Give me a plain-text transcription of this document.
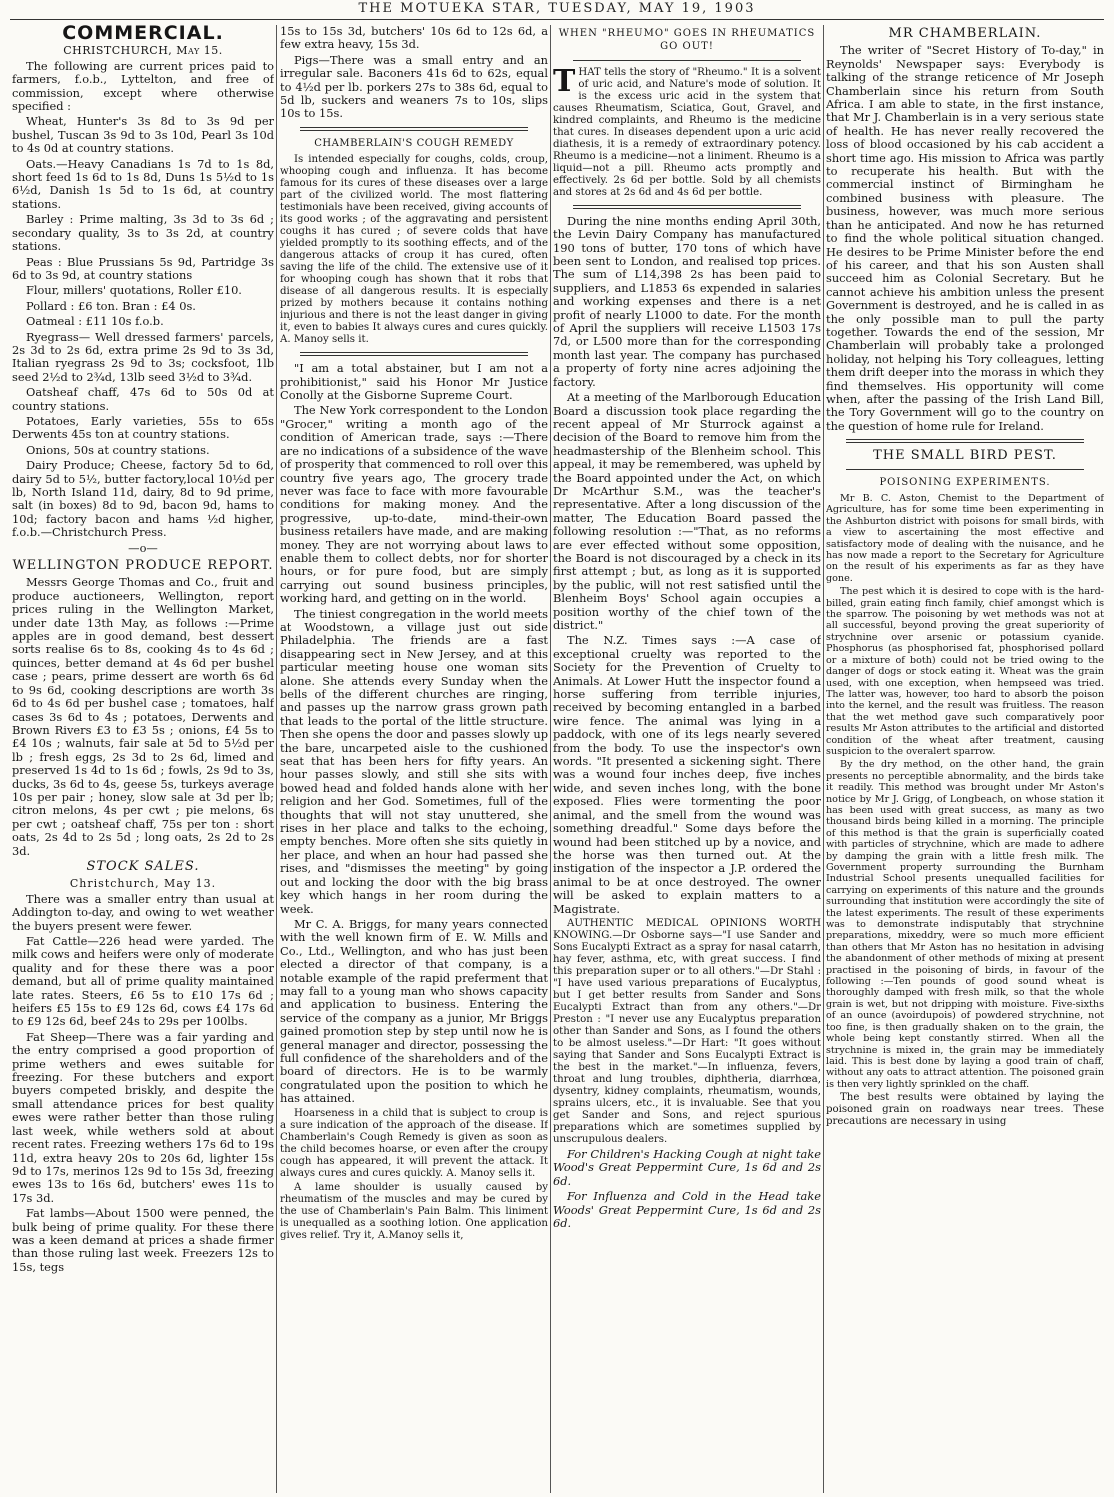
THE MOTUEKA STAR, TUESDAY, MAY 19, 1903
COMMERCIAL.
CHRISTCHURCH, May 15.

The following are current prices paid to farmers, f.o.b., Lyttelton, and free of commission, except where otherwise specified :

Wheat, Hunter's 3s 8d to 3s 9d per bushel, Tuscan 3s 9d to 3s 10d, Pearl 3s 10d to 4s 0d at country stations.

Oats.—Heavy Canadians 1s 7d to 1s 8d, short feed 1s 6d to 1s 8d, Duns 1s 5½d to 1s 6½d, Danish 1s 5d to 1s 6d, at country stations.

Barley : Prime malting, 3s 3d to 3s 6d ; secondary quality, 3s to 3s 2d, at country stations.

Peas : Blue Prussians 5s 9d, Partridge 3s 6d to 3s 9d, at country stations

Flour, millers' quotations, Roller £10.

Pollard : £6 ton. Bran : £4 0s.

Oatmeal : £11 10s f.o.b.

Ryegrass— Well dressed farmers' parcels, 2s 3d to 2s 6d, extra prime 2s 9d to 3s 3d, Italian ryegrass 2s 9d to 3s; cocksfoot, 1lb seed 2½d to 2¾d, 13lb seed 3½d to 3¾d.

Oatsheaf chaff, 47s 6d to 50s 0d at country stations.

Potatoes, Early varieties, 55s to 65s Derwents 45s ton at country stations.

Onions, 50s at country stations.

Dairy Produce; Cheese, factory 5d to 6d, dairy 5d to 5½, butter factory,local 10½d per lb, North Island 11d, dairy, 8d to 9d prime, salt (in boxes) 8d to 9d, bacon 9d, hams to 10d; factory bacon and hams ½d higher, f.o.b.—Christchurch Press.

—o—
WELLINGTON PRODUCE REPORT.

Messrs George Thomas and Co., fruit and produce auctioneers, Wellington, report prices ruling in the Wellington Market, under date 13th May, as follows :—Prime apples are in good demand, best dessert sorts realise 6s to 8s, cooking 4s to 4s 6d ; quinces, better demand at 4s 6d per bushel case ; pears, prime dessert are worth 6s 6d to 9s 6d, cooking descriptions are worth 3s 6d to 4s 6d per bushel case ; tomatoes, half cases 3s 6d to 4s ; potatoes, Derwents and Brown Rivers £3 to £3 5s ; onions, £4 5s to £4 10s ; walnuts, fair sale at 5d to 5½d per lb ; fresh eggs, 2s 3d to 2s 6d, limed and preserved 1s 4d to 1s 6d ; fowls, 2s 9d to 3s, ducks, 3s 6d to 4s, geese 5s, turkeys average 10s per pair ; honey, slow sale at 3d per lb; citron melons, 4s per cwt ; pie melons, 6s per cwt ; oatsheaf chaff, 75s per ton : short oats, 2s 4d to 2s 5d ; long oats, 2s 2d to 2s 3d.

STOCK SALES.
Christchurch, May 13.

There was a smaller entry than usual at Addington to-day, and owing to wet weather the buyers present were fewer.

Fat Cattle—226 head were yarded. The milk cows and heifers were only of moderate quality and for these there was a poor demand, but all of prime quality maintained late rates. Steers, £6 5s to £10 17s 6d ; heifers £5 15s to £9 12s 6d, cows £4 17s 6d to £9 12s 6d, beef 24s to 29s per 100lbs.

Fat Sheep—There was a fair yarding and the entry comprised a good proportion of prime wethers and ewes suitable for freezing. For these butchers and export buyers competed briskly, and despite the small attendance prices for best quality ewes were rather better than those ruling last week, while wethers sold at about recent rates. Freezing wethers 17s 6d to 19s 11d, extra heavy 20s to 20s 6d, lighter 15s 9d to 17s, merinos 12s 9d to 15s 3d, freezing ewes 13s to 16s 6d, butchers' ewes 11s to 17s 3d.

Fat lambs—About 1500 were penned, the bulk being of prime quality. For these there was a keen demand at prices a shade firmer than those ruling last week. Freezers 12s to 15s, tegs

15s to 15s 3d, butchers' 10s 6d to 12s 6d, a few extra heavy, 15s 3d.

Pigs—There was a small entry and an irregular sale. Baconers 41s 6d to 62s, equal to 4½d per lb. porkers 27s to 38s 6d, equal to 5d lb, suckers and weaners 7s to 10s, slips 10s to 15s.

CHAMBERLAIN'S COUGH REMEDY

Is intended especially for coughs, colds, croup, whooping cough and influenza. It has become famous for its cures of these diseases over a large part of the civilized world. The most flattering testimonials have been received, giving accounts of its good works ; of the aggravating and persistent coughs it has cured ; of severe colds that have yielded promptly to its soothing effects, and of the dangerous attacks of croup it has cured, often saving the life of the child. The extensive use of it for whooping cough has shown that it robs that disease of all dangerous results. It is especially prized by mothers because it contains nothing injurious and there is not the least danger in giving it, even to babies It always cures and cures quickly. A. Manoy sells it.

"I am a total abstainer, but I am not a prohibitionist," said his Honor Mr Justice Conolly at the Gisborne Supreme Court.

The New York correspondent to the London "Grocer," writing a month ago of the condition of American trade, says :—There are no indications of a subsidence of the wave of prosperity that commenced to roll over this country five years ago, The grocery trade never was face to face with more favourable conditions for making money. And the progressive, up-to-date, mind-their-own business retailers have made, and are making money. They are not worrying about laws to enable them to collect debts, nor for shorter hours, or for pure food, but are simply carrying out sound business principles, working hard, and getting on in the world.

The tiniest congregation in the world meets at Woodstown, a village just out side Philadelphia. The friends are a fast disappearing sect in New Jersey, and at this particular meeting house one woman sits alone. She attends every Sunday when the bells of the different churches are ringing, and passes up the narrow grass grown path that leads to the portal of the little structure. Then she opens the door and passes slowly up the bare, uncarpeted aisle to the cushioned seat that has been hers for fifty years. An hour passes slowly, and still she sits with bowed head and folded hands alone with her religion and her God. Sometimes, full of the thoughts that will not stay unuttered, she rises in her place and talks to the echoing, empty benches. More often she sits quietly in her place, and when an hour had passed she rises, and "dismisses the meeting" by going out and locking the door with the big brass key which hangs in her room during the week.

Mr C. A. Briggs, for many years connected with the well known firm of E. W. Mills and Co., Ltd., Wellington, and who has just been elected a director of that company, is a notable example of the rapid preferment that may fall to a young man who shows capacity and application to business. Entering the service of the company as a junior, Mr Briggs gained promotion step by step until now he is general manager and director, possessing the full confidence of the shareholders and of the board of directors. He is to be warmly congratulated upon the position to which he has attained.

Hoarseness in a child that is subject to croup is a sure indication of the approach of the disease. If Chamberlain's Cough Remedy is given as soon as the child becomes hoarse, or even after the croupy cough has appeared, it will prevent the attack. It always cures and cures quickly. A. Manoy sells it.

A lame shoulder is usually caused by rheumatism of the muscles and may be cured by the use of Chamberlain's Pain Balm. This liniment is unequalled as a soothing lotion. One application gives relief. Try it, A.Manoy sells it,

WHEN "RHEUMO" GOES IN RHEUMATICS GO OUT!

THAT tells the story of "Rheumo." It is a solvent of uric acid, and Nature's mode of solution. It is the excess uric acid in the system that causes Rheumatism, Sciatica, Gout, Gravel, and kindred complaints, and Rheumo is the medicine that cures. In diseases dependent upon a uric acid diathesis, it is a remedy of extraordinary potency. Rheumo is a medicine—not a liniment. Rheumo is a liquid—not a pill. Rheumo acts promptly and effectively. 2s 6d per bottle. Sold by all chemists and stores at 2s 6d and 4s 6d per bottle.

During the nine months ending April 30th, the Levin Dairy Company has manufactured 190 tons of butter, 170 tons of which have been sent to London, and realised top prices. The sum of L14,398 2s has been paid to suppliers, and L1853 6s expended in salaries and working expenses and there is a net profit of nearly L1000 to date. For the month of April the suppliers will receive L1503 17s 7d, or L500 more than for the corresponding month last year. The company has purchased a property of forty nine acres adjoining the factory.

At a meeting of the Marlborough Education Board a discussion took place regarding the recent appeal of Mr Sturrock against a decision of the Board to remove him from the headmastership of the Blenheim school. This appeal, it may be remembered, was upheld by the Board appointed under the Act, on which Dr McArthur S.M., was the teacher's representative. After a long discussion of the matter, The Education Board passed the following resolution :—"That, as no reforms are ever effected without some opposition, the Board is not discouraged by a check in its first attempt ; but, as long as it is supported by the public, will not rest satisfied until the Blenheim Boys' School again occupies a position worthy of the chief town of the district."

The N.Z. Times says :—A case of exceptional cruelty was reported to the Society for the Prevention of Cruelty to Animals. At Lower Hutt the inspector found a horse suffering from terrible injuries, received by becoming entangled in a barbed wire fence. The animal was lying in a paddock, with one of its legs nearly severed from the body. To use the inspector's own words. "It presented a sickening sight. There was a wound four inches deep, five inches wide, and seven inches long, with the bone exposed. Flies were tormenting the poor animal, and the smell from the wound was something dreadful." Some days before the wound had been stitched up by a novice, and the horse was then turned out. At the instigation of the inspector a J.P. ordered the animal to be at once destroyed. The owner will be asked to explain matters to a Magistrate.

AUTHENTIC MEDICAL OPINIONS WORTH KNOWING.—Dr Osborne says—"I use Sander and Sons Eucalypti Extract as a spray for nasal catarrh, hay fever, asthma, etc, with great success. I find this preparation super or to all others."—Dr Stahl : "I have used various preparations of Eucalyptus, but I get better results from Sander and Sons Eucalypti Extract than from any others."—Dr Preston : "I never use any Eucalyptus preparation other than Sander and Sons, as I found the others to be almost useless."—Dr Hart: "It goes without saying that Sander and Sons Eucalypti Extract is the best in the market."—In influenza, fevers, throat and lung troubles, diphtheria, diarrhœa, dysentry, kidney complaints, rheumatism, wounds, sprains ulcers, etc., it is invaluable. See that you get Sander and Sons, and reject spurious preparations which are sometimes supplied by unscrupulous dealers.

For Children's Hacking Cough at night take Wood's Great Peppermint Cure, 1s 6d and 2s 6d.

For Influenza and Cold in the Head take Woods' Great Peppermint Cure, 1s 6d and 2s 6d.

MR CHAMBERLAIN.

The writer of "Secret History of To-day," in Reynolds' Newspaper says: Everybody is talking of the strange reticence of Mr Joseph Chamberlain since his return from South Africa. I am able to state, in the first instance, that Mr J. Chamberlain is in a very serious state of health. He has never really recovered the loss of blood occasioned by his cab accident a short time ago. His mission to Africa was partly to recuperate his health. But with the commercial instinct of Birmingham he combined business with pleasure. The business, however, was much more serious than he anticipated. And now he has returned to find the whole political situation changed. He desires to be Prime Minister before the end of his career, and that his son Austen shall succeed him as Colonial Secretary. But he cannot achieve his ambition unless the present Government is destroyed, and he is called in as the only possible man to pull the party together. Towards the end of the session, Mr Chamberlain will probably take a prolonged holiday, not helping his Tory colleagues, letting them drift deeper into the morass in which they find themselves. His opportunity will come when, after the passing of the Irish Land Bill, the Tory Government will go to the country on the question of home rule for Ireland.

THE SMALL BIRD PEST.
POISONING EXPERIMENTS.

Mr B. C. Aston, Chemist to the Department of Agriculture, has for some time been experimenting in the Ashburton district with poisons for small birds, with a view to ascertaining the most effective and satisfactory mode of dealing with the nuisance, and he has now made a report to the Secretary for Agriculture on the result of his experiments as far as they have gone.

The pest which it is desired to cope with is the hard-billed, grain eating finch family, chief amongst which is the sparrow. The poisoning by wet methods was not at all successful, beyond proving the great superiority of strychnine over arsenic or potassium cyanide. Phosphorus (as phosphorised fat, phosphorised pollard or a mixture of both) could not be tried owing to the danger of dogs or stock eating it. Wheat was the grain used, with one exception, when hempseed was tried. The latter was, however, too hard to absorb the poison into the kernel, and the result was fruitless. The reason that the wet method gave such comparatively poor results Mr Aston attributes to the artificial and distorted condition of the wheat after treatment, causing suspicion to the overalert sparrow.

By the dry method, on the other hand, the grain presents no perceptible abnormality, and the birds take it readily. This method was brought under Mr Aston's notice by Mr J. Grigg, of Longbeach, on whose station it has been used with great success, as many as two thousand birds being killed in a morning. The principle of this method is that the grain is superficially coated with particles of strychnine, which are made to adhere by damping the grain with a little fresh milk. The Government property surrounding the Burnham Industrial School presents unequalled facilities for carrying on experiments of this nature and the grounds surrounding that institution were accordingly the site of the latest experiments. The result of these experiments was to demonstrate indisputably that strychnine preparations, mixeddry, were so much more efficient than others that Mr Aston has no hesitation in advising the abandonment of other methods of mixing at present practised in the poisoning of birds, in favour of the following :—Ten pounds of good sound wheat is thoroughly damped with fresh milk, so that the whole grain is wet, but not dripping with moisture. Five-sixths of an ounce (avoirdupois) of powdered strychnine, not too fine, is then gradually shaken on to the grain, the whole being kept constantly stirred. When all the strychnine is mixed in, the grain may be immediately laid. This is best done by laying a good train of chaff, without any oats to attract attention. The poisoned grain is then very lightly sprinkled on the chaff.

The best results were obtained by laying the poisoned grain on roadways near trees. These precautions are necessary in using
